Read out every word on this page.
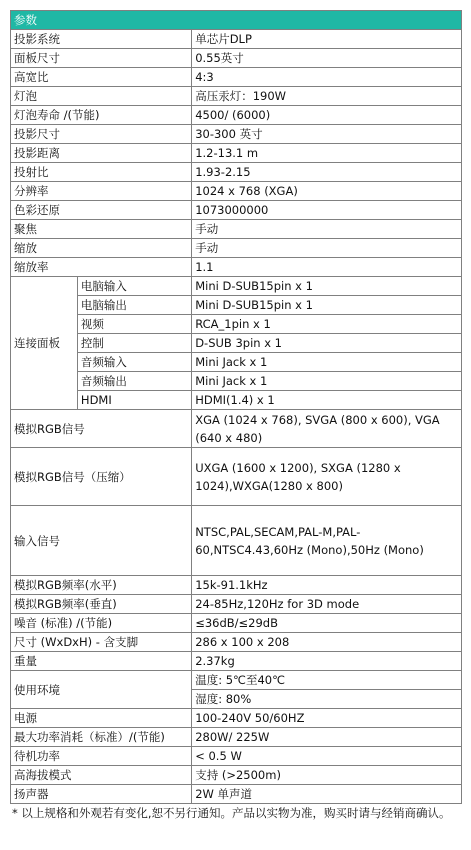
参数		
投影系统		单芯片DLP
面板尺寸		0.55英寸
高宽比		4:3
灯泡		高压汞灯：190W
灯泡寿命 /(节能)		4500/ (6000)
投影尺寸		30-300 英寸
投影距离		1.2-13.1 m
投射比		1.93-2.15
分辨率		1024 x 768 (XGA)
色彩还原		1073000000
聚焦		手动
缩放		手动
缩放率		1.1
连接面板	电脑输入	Mini D-SUB15pin x 1
	电脑输出	Mini D-SUB15pin x 1
	视频	RCA_1pin x 1
	控制	D-SUB 3pin x 1
	音频输入	Mini Jack x 1
	音频输出	Mini Jack x 1
	HDMI	HDMI(1.4) x 1
模拟RGB信号		XGA (1024 x 768), SVGA (800 x 600), VGA (640 x 480)
模拟RGB信号（压缩）		UXGA (1600 x 1200), SXGA (1280 x 1024),WXGA(1280 x 800)
输入信号		NTSC,PAL,SECAM,PAL-M,PAL-60,NTSC4.43,60Hz (Mono),50Hz (Mono)
模拟RGB频率(水平)		15k-91.1kHz
模拟RGB频率(垂直)		24-85Hz,120Hz for 3D mode
噪音 (标准) /(节能)		≤36dB/≤29dB
尺寸 (WxDxH) - 含支脚		286 x 100 x 208
重量		2.37kg
使用环境		温度: 5℃至40℃
		湿度: 80%
电源		100-240V 50/60HZ
最大功率消耗（标准）/(节能)		280W/ 225W
待机功率		< 0.5 W
高海拔模式		支持 (>2500m)
扬声器		2W 单声道
* 以上规格和外观若有变化,恕不另行通知。产品以实物为准，购买时请与经销商确认。
